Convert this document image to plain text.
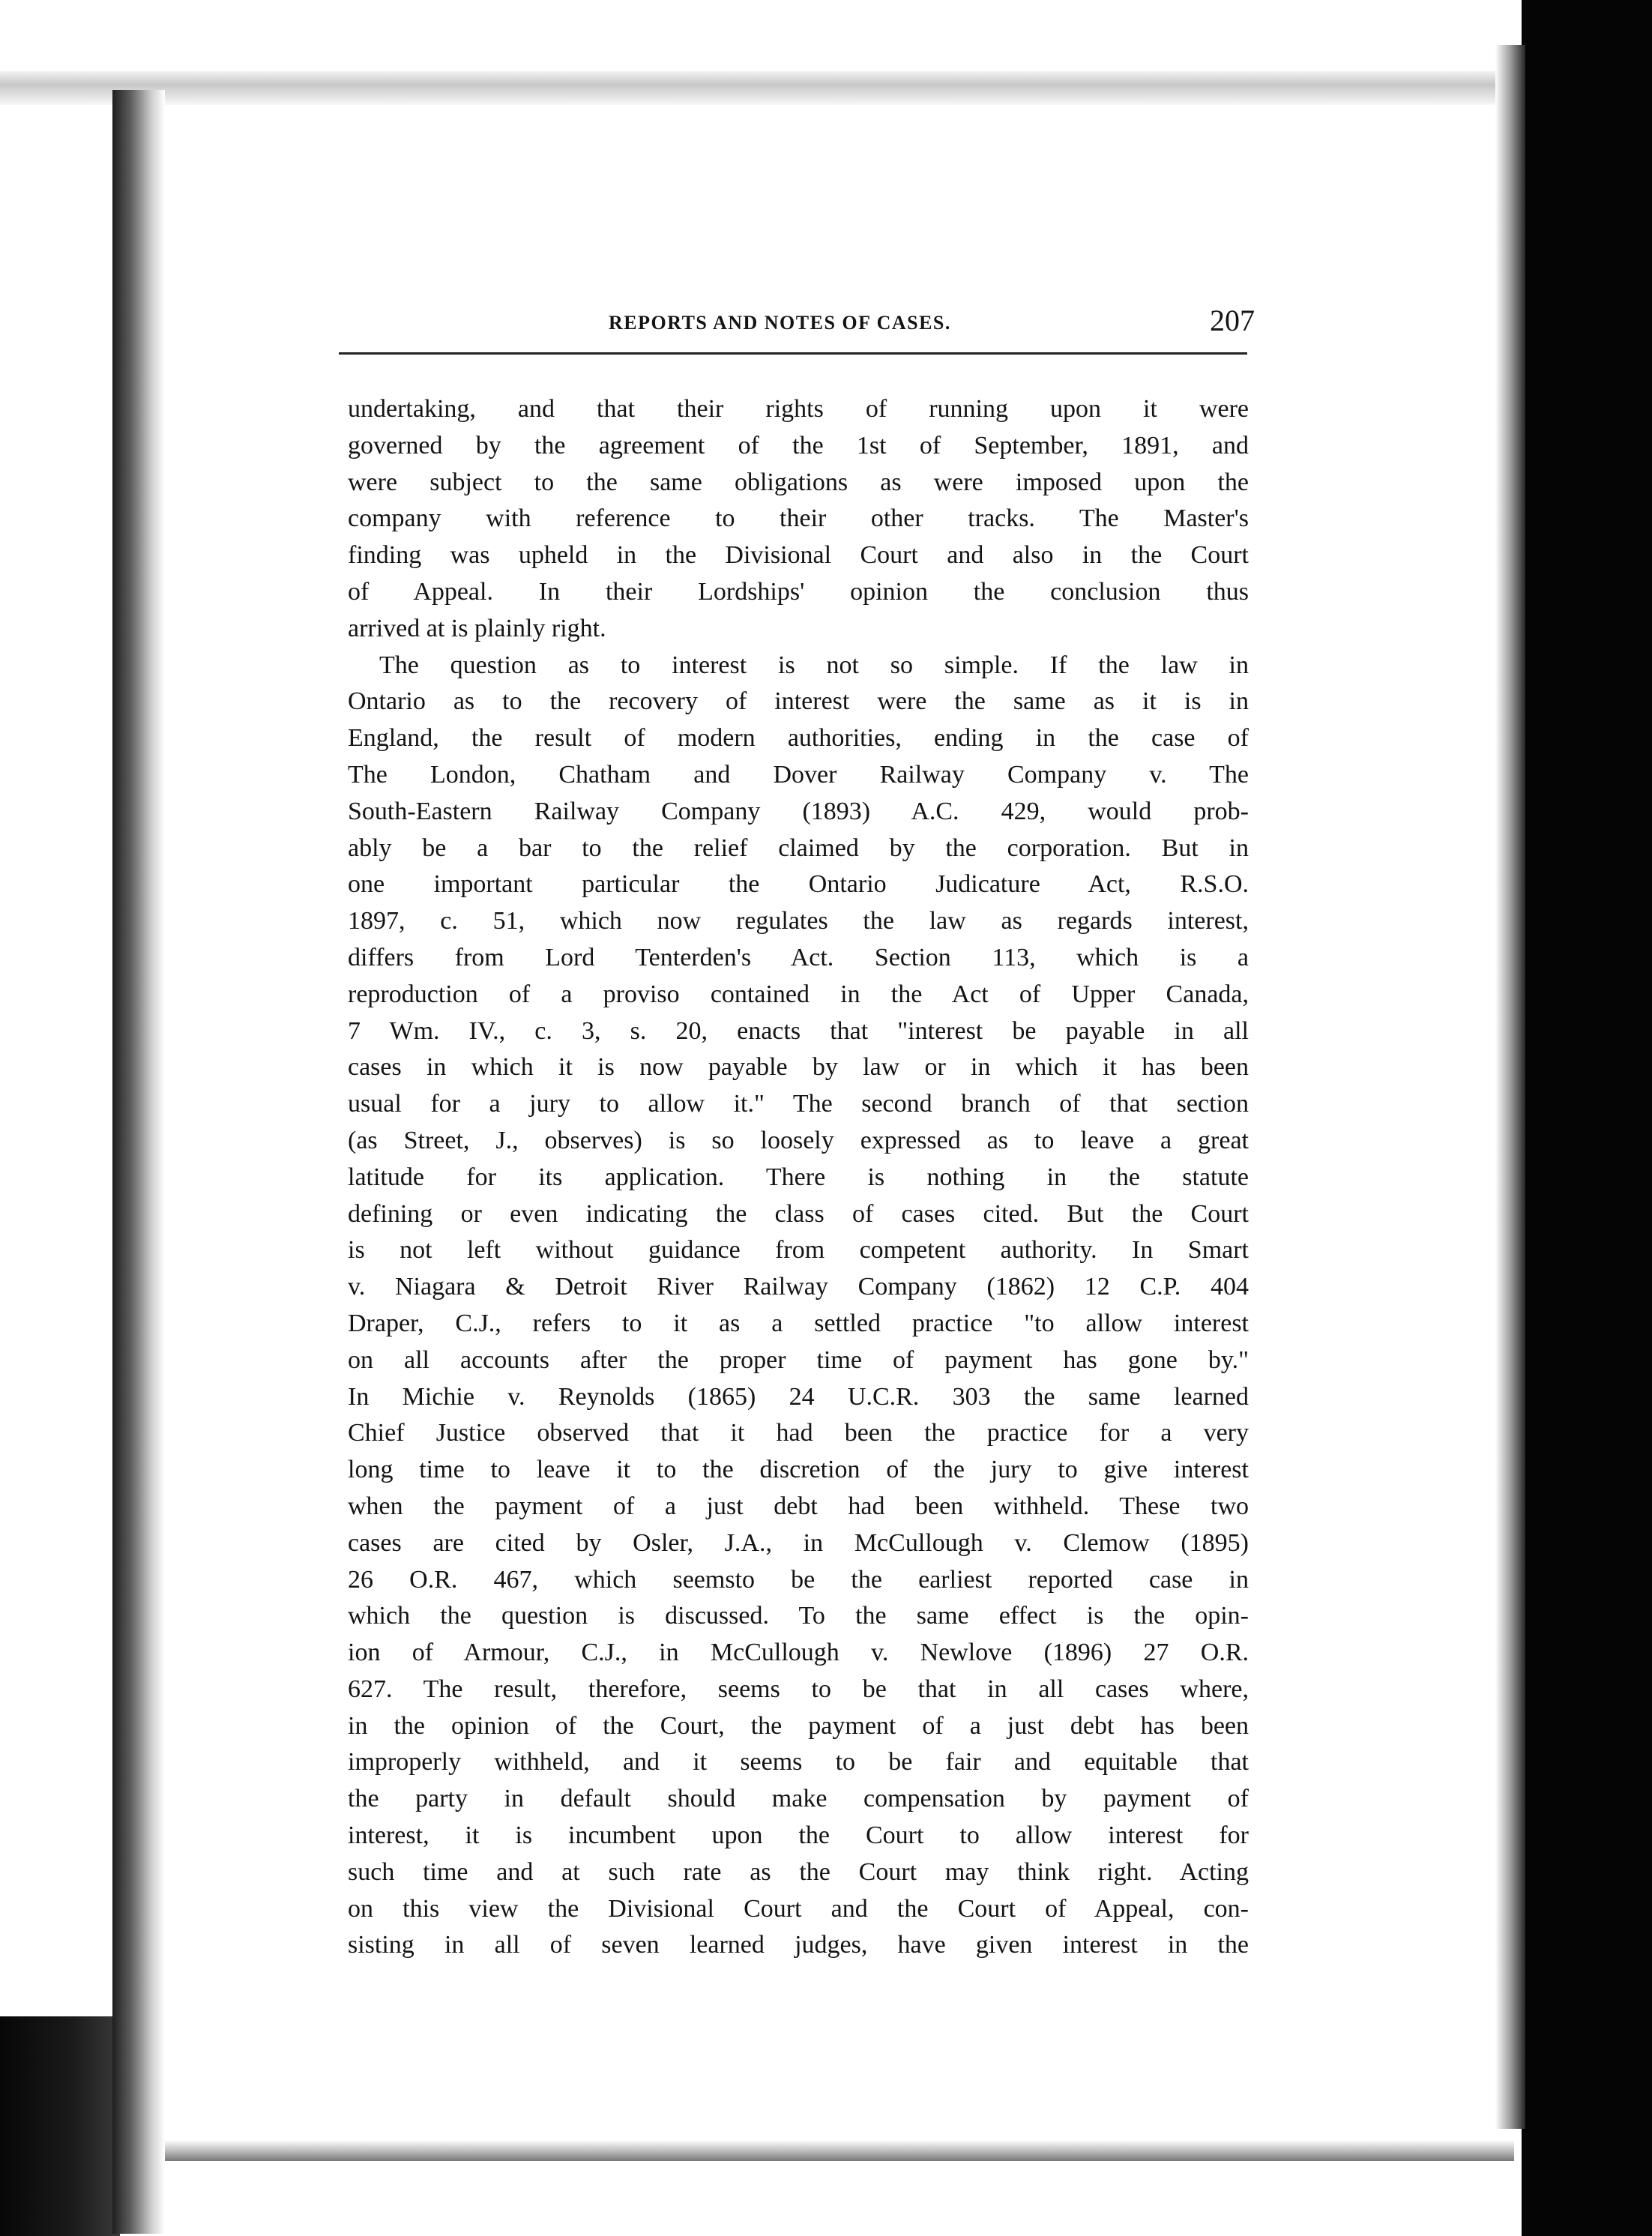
REPORTS AND NOTES OF CASES.	207
undertaking, and that their rights of running upon it were
governed by the agreement of the 1st of September, 1891, and
were subject to the same obligations as were imposed upon the
company with reference to their other tracks. The Master's
finding was upheld in the Divisional Court and also in the Court
of Appeal. In their Lordships' opinion the conclusion thus
arrived at is plainly right.
The question as to interest is not so simple. If the law in
Ontario as to the recovery of interest were the same as it is in
England, the result of modern authorities, ending in the case of
The London, Chatham and Dover Railway Company v. The
South-Eastern Railway Company (1893) A.C. 429, would prob-
ably be a bar to the relief claimed by the corporation. But in
one important particular the Ontario Judicature Act, R.S.O.
1897, c. 51, which now regulates the law as regards interest,
differs from Lord Tenterden's Act. Section 113, which is a
reproduction of a proviso contained in the Act of Upper Canada,
7 Wm. IV., c. 3, s. 20, enacts that "interest be payable in all
cases in which it is now payable by law or in which it has been
usual for a jury to allow it." The second branch of that section
(as Street, J., observes) is so loosely expressed as to leave a great
latitude for its application. There is nothing in the statute
defining or even indicating the class of cases cited. But the Court
is not left without guidance from competent authority. In Smart
v. Niagara & Detroit River Railway Company (1862) 12 C.P. 404
Draper, C.J., refers to it as a settled practice "to allow interest
on all accounts after the proper time of payment has gone by."
In Michie v. Reynolds (1865) 24 U.C.R. 303 the same learned
Chief Justice observed that it had been the practice for a very
long time to leave it to the discretion of the jury to give interest
when the payment of a just debt had been withheld. These two
cases are cited by Osler, J.A., in McCullough v. Clemow (1895)
26 O.R. 467, which seemsto be the earliest reported case in
which the question is discussed. To the same effect is the opin-
ion of Armour, C.J., in McCullough v. Newlove (1896) 27 O.R.
627. The result, therefore, seems to be that in all cases where,
in the opinion of the Court, the payment of a just debt has been
improperly withheld, and it seems to be fair and equitable that
the party in default should make compensation by payment of
interest, it is incumbent upon the Court to allow interest for
such time and at such rate as the Court may think right. Acting
on this view the Divisional Court and the Court of Appeal, con-
sisting in all of seven learned judges, have given interest in the
